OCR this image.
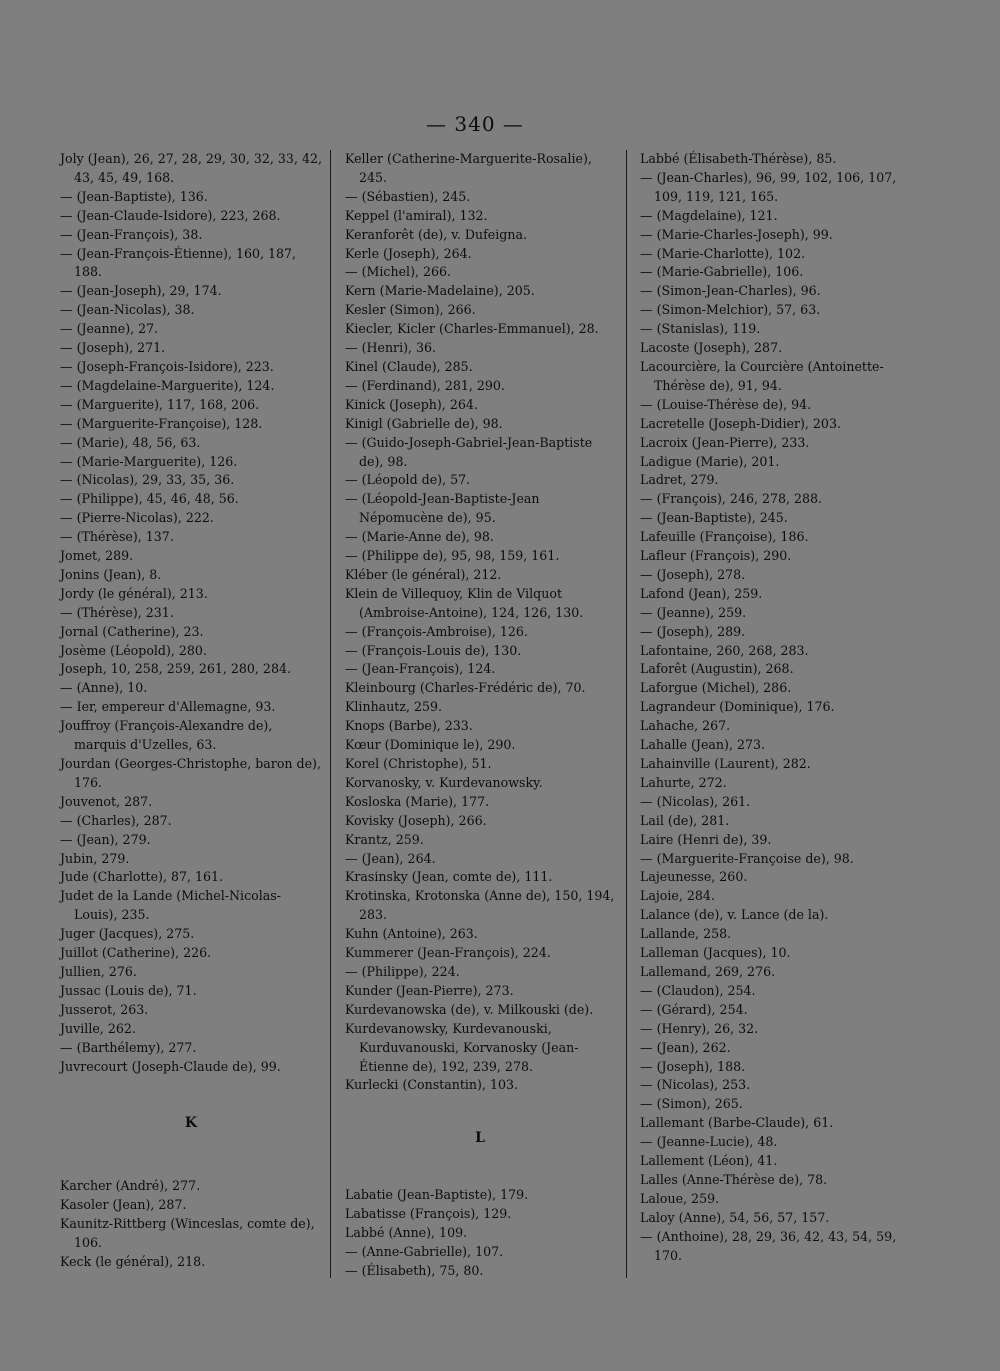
— 340 —

Joly (Jean), 26, 27, 28, 29, 30, 32, 33, 42, 43, 45, 49, 168.

— (Jean-Baptiste), 136.

— (Jean-Claude-Isidore), 223, 268.

— (Jean-François), 38.

— (Jean-François-Étienne), 160, 187, 188.

— (Jean-Joseph), 29, 174.

— (Jean-Nicolas), 38.

— (Jeanne), 27.

— (Joseph), 271.

— (Joseph-François-Isidore), 223.

— (Magdelaine-Marguerite), 124.

— (Marguerite), 117, 168, 206.

— (Marguerite-Françoise), 128.

— (Marie), 48, 56, 63.

— (Marie-Marguerite), 126.

— (Nicolas), 29, 33, 35, 36.

— (Philippe), 45, 46, 48, 56.

— (Pierre-Nicolas), 222.

— (Thérèse), 137.

Jomet, 289.

Jonins (Jean), 8.

Jordy (le général), 213.

— (Thérèse), 231.

Jornal (Catherine), 23.

Josème (Léopold), 280.

Joseph, 10, 258, 259, 261, 280, 284.

— (Anne), 10.

— Ier, empereur d'Allemagne, 93.

Jouffroy (François-Alexandre de), marquis d'Uzelles, 63.

Jourdan (Georges-Christophe, baron de), 176.

Jouvenot, 287.

— (Charles), 287.

— (Jean), 279.

Jubin, 279.

Jude (Charlotte), 87, 161.

Judet de la Lande (Michel-Nicolas-Louis), 235.

Juger (Jacques), 275.

Juillot (Catherine), 226.

Jullien, 276.

Jussac (Louis de), 71.

Jusserot, 263.

Juville, 262.

— (Barthélemy), 277.

Juvrecourt (Joseph-Claude de), 99.

K

Karcher (André), 277.

Kasoler (Jean), 287.

Kaunitz-Rittberg (Winceslas, comte de), 106.

Keck (le général), 218.

Keller (Catherine-Marguerite-Rosalie), 245.

— (Sébastien), 245.

Keppel (l'amiral), 132.

Keranforêt (de), v. Dufeigna.

Kerle (Joseph), 264.

— (Michel), 266.

Kern (Marie-Madelaine), 205.

Kesler (Simon), 266.

Kiecler, Kicler (Charles-Emmanuel), 28.

— (Henri), 36.

Kinel (Claude), 285.

— (Ferdinand), 281, 290.

Kinick (Joseph), 264.

Kinigl (Gabrielle de), 98.

— (Guido-Joseph-Gabriel-Jean-Baptiste de), 98.

— (Léopold de), 57.

— (Léopold-Jean-Baptiste-Jean Népomucène de), 95.

— (Marie-Anne de), 98.

— (Philippe de), 95, 98, 159, 161.

Kléber (le général), 212.

Klein de Villequoy, Klin de Vilquot (Ambroise-Antoine), 124, 126, 130.

— (François-Ambroise), 126.

— (François-Louis de), 130.

— (Jean-François), 124.

Kleinbourg (Charles-Frédéric de), 70.

Klinhautz, 259.

Knops (Barbe), 233.

Kœur (Dominique le), 290.

Korel (Christophe), 51.

Korvanosky, v. Kurdevanowsky.

Kosloska (Marie), 177.

Kovisky (Joseph), 266.

Krantz, 259.

— (Jean), 264.

Krasinsky (Jean, comte de), 111.

Krotinska, Krotonska (Anne de), 150, 194, 283.

Kuhn (Antoine), 263.

Kummerer (Jean-François), 224.

— (Philippe), 224.

Kunder (Jean-Pierre), 273.

Kurdevanowska (de), v. Milkouski (de).

Kurdevanowsky, Kurdevanouski, Kurduvanouski, Korvanosky (Jean-Étienne de), 192, 239, 278.

Kurlecki (Constantin), 103.

L

Labatie (Jean-Baptiste), 179.

Labatisse (François), 129.

Labbé (Anne), 109.

— (Anne-Gabrielle), 107.

— (Élisabeth), 75, 80.

Labbé (Élisabeth-Thérèse), 85.

— (Jean-Charles), 96, 99, 102, 106, 107, 109, 119, 121, 165.

— (Magdelaine), 121.

— (Marie-Charles-Joseph), 99.

— (Marie-Charlotte), 102.

— (Marie-Gabrielle), 106.

— (Simon-Jean-Charles), 96.

— (Simon-Melchior), 57, 63.

— (Stanislas), 119.

Lacoste (Joseph), 287.

Lacourcière, la Courcière (Antoinette-Thérèse de), 91, 94.

— (Louise-Thérèse de), 94.

Lacretelle (Joseph-Didier), 203.

Lacroix (Jean-Pierre), 233.

Ladigue (Marie), 201.

Ladret, 279.

— (François), 246, 278, 288.

— (Jean-Baptiste), 245.

Lafeuille (Françoise), 186.

Lafleur (François), 290.

— (Joseph), 278.

Lafond (Jean), 259.

— (Jeanne), 259.

— (Joseph), 289.

Lafontaine, 260, 268, 283.

Laforêt (Augustin), 268.

Laforgue (Michel), 286.

Lagrandeur (Dominique), 176.

Lahache, 267.

Lahalle (Jean), 273.

Lahainville (Laurent), 282.

Lahurte, 272.

— (Nicolas), 261.

Lail (de), 281.

Laire (Henri de), 39.

— (Marguerite-Françoise de), 98.

Lajeunesse, 260.

Lajoie, 284.

Lalance (de), v. Lance (de la).

Lallande, 258.

Lalleman (Jacques), 10.

Lallemand, 269, 276.

— (Claudon), 254.

— (Gérard), 254.

— (Henry), 26, 32.

— (Jean), 262.

— (Joseph), 188.

— (Nicolas), 253.

— (Simon), 265.

Lallemant (Barbe-Claude), 61.

— (Jeanne-Lucie), 48.

Lallement (Léon), 41.

Lalles (Anne-Thérèse de), 78.

Laloue, 259.

Laloy (Anne), 54, 56, 57, 157.

— (Anthoine), 28, 29, 36, 42, 43, 54, 59, 170.
